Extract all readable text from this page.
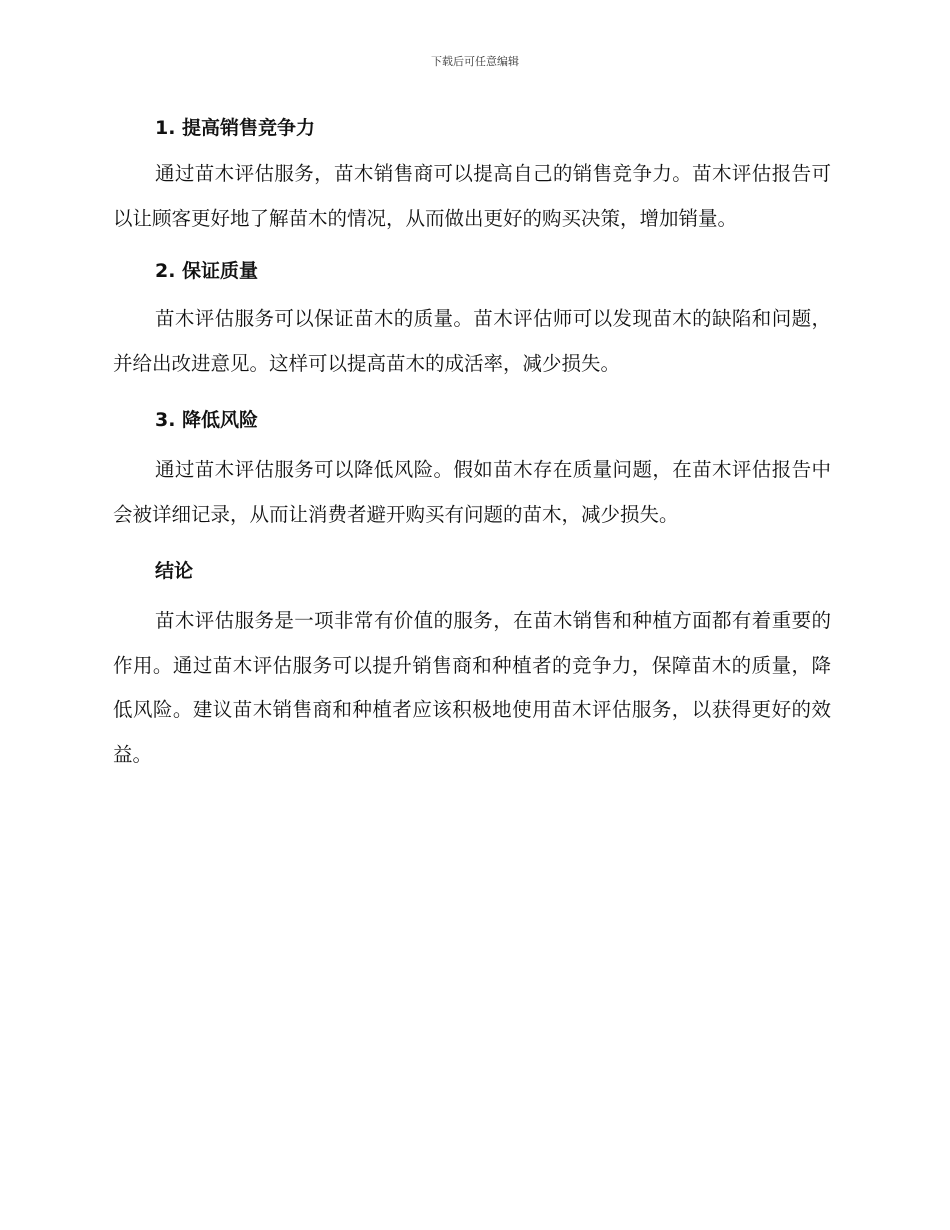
下载后可任意编辑
1. 提高销售竞争力

通过苗木评估服务，苗木销售商可以提高自己的销售竞争力。苗木评估报告可以让顾客更好地了解苗木的情况，从而做出更好的购买决策，增加销量。

2. 保证质量

苗木评估服务可以保证苗木的质量。苗木评估师可以发现苗木的缺陷和问题，并给出改进意见。这样可以提高苗木的成活率，减少损失。

3. 降低风险

通过苗木评估服务可以降低风险。假如苗木存在质量问题，在苗木评估报告中会被详细记录，从而让消费者避开购买有问题的苗木，减少损失。

结论

苗木评估服务是一项非常有价值的服务，在苗木销售和种植方面都有着重要的作用。通过苗木评估服务可以提升销售商和种植者的竞争力，保障苗木的质量，降低风险。建议苗木销售商和种植者应该积极地使用苗木评估服务，以获得更好的效益。
